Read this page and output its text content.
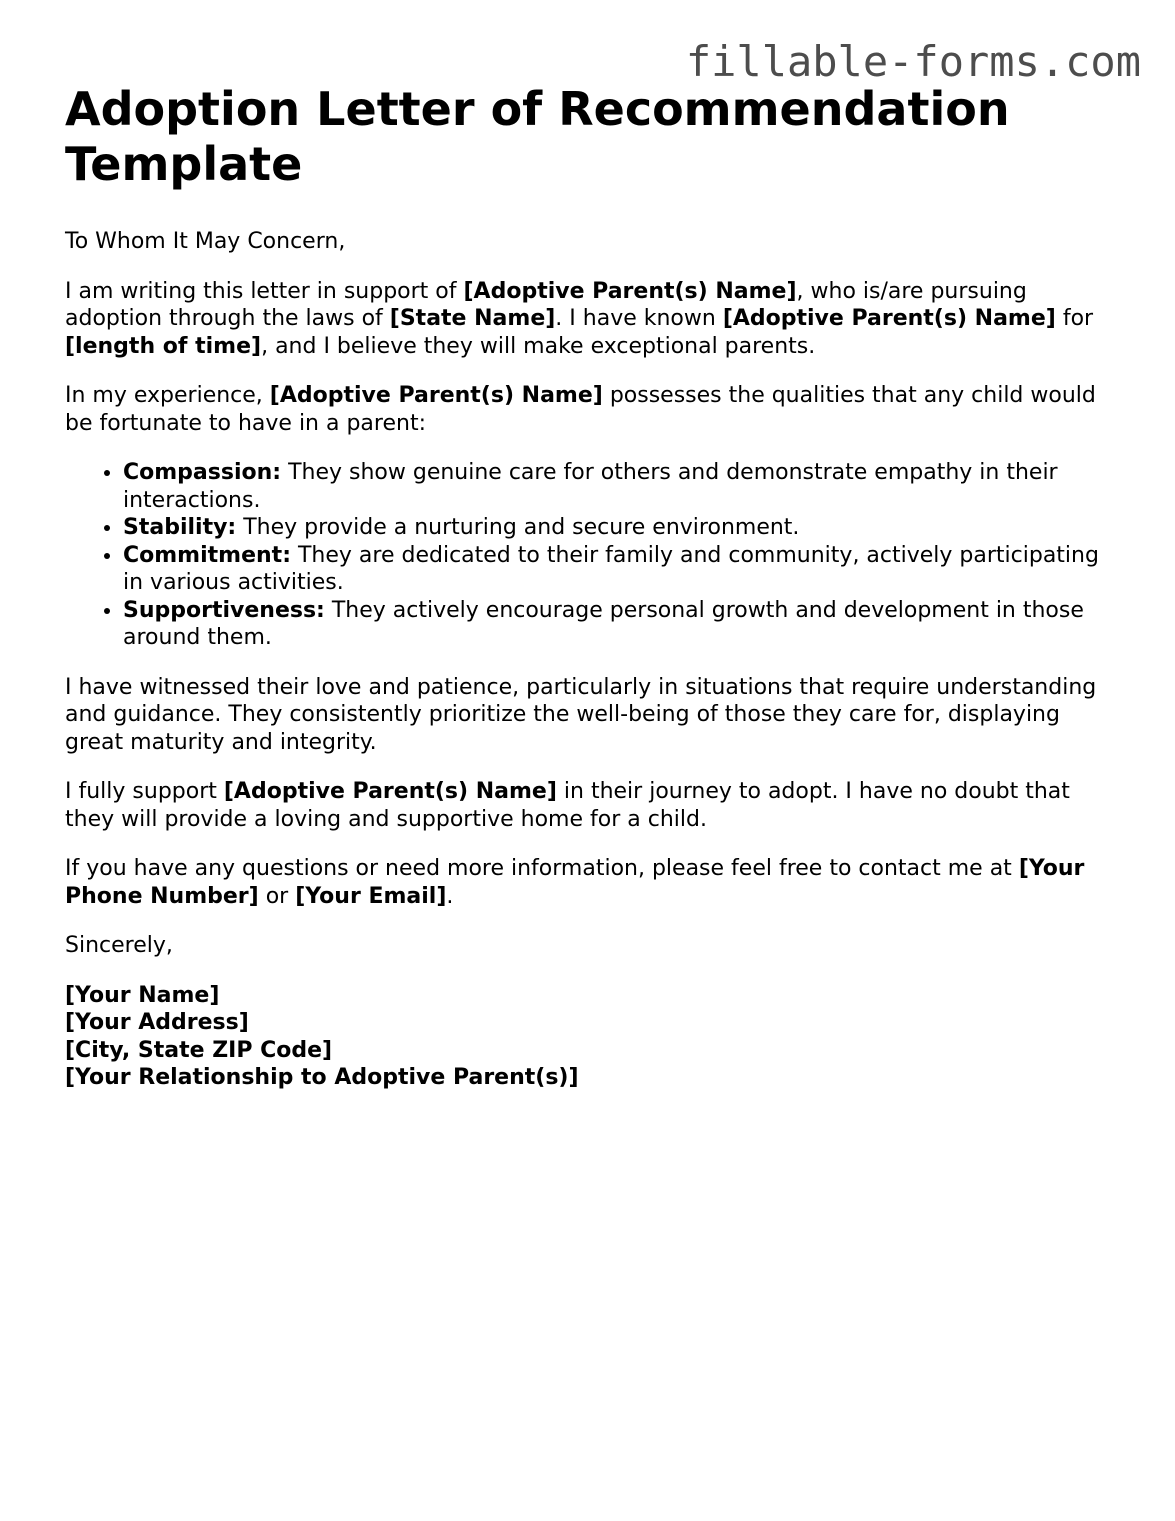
fillable-forms.com
Adoption Letter of Recommendation Template

To Whom It May Concern,

I am writing this letter in support of [Adoptive Parent(s) Name], who is/are pursuing adoption through the laws of [State Name]. I have known [Adoptive Parent(s) Name] for [length of time], and I believe they will make exceptional parents.

In my experience, [Adoptive Parent(s) Name] possesses the qualities that any child would be fortunate to have in a parent:

• Compassion: They show genuine care for others and demonstrate empathy in their interactions.
• Stability: They provide a nurturing and secure environment.
• Commitment: They are dedicated to their family and community, actively participating in various activities.
• Supportiveness: They actively encourage personal growth and development in those around them.

I have witnessed their love and patience, particularly in situations that require understanding and guidance. They consistently prioritize the well-being of those they care for, displaying great maturity and integrity.

I fully support [Adoptive Parent(s) Name] in their journey to adopt. I have no doubt that they will provide a loving and supportive home for a child.

If you have any questions or need more information, please feel free to contact me at [Your Phone Number] or [Your Email].

Sincerely,

[Your Name]
[Your Address]
[City, State ZIP Code]
[Your Relationship to Adoptive Parent(s)]
